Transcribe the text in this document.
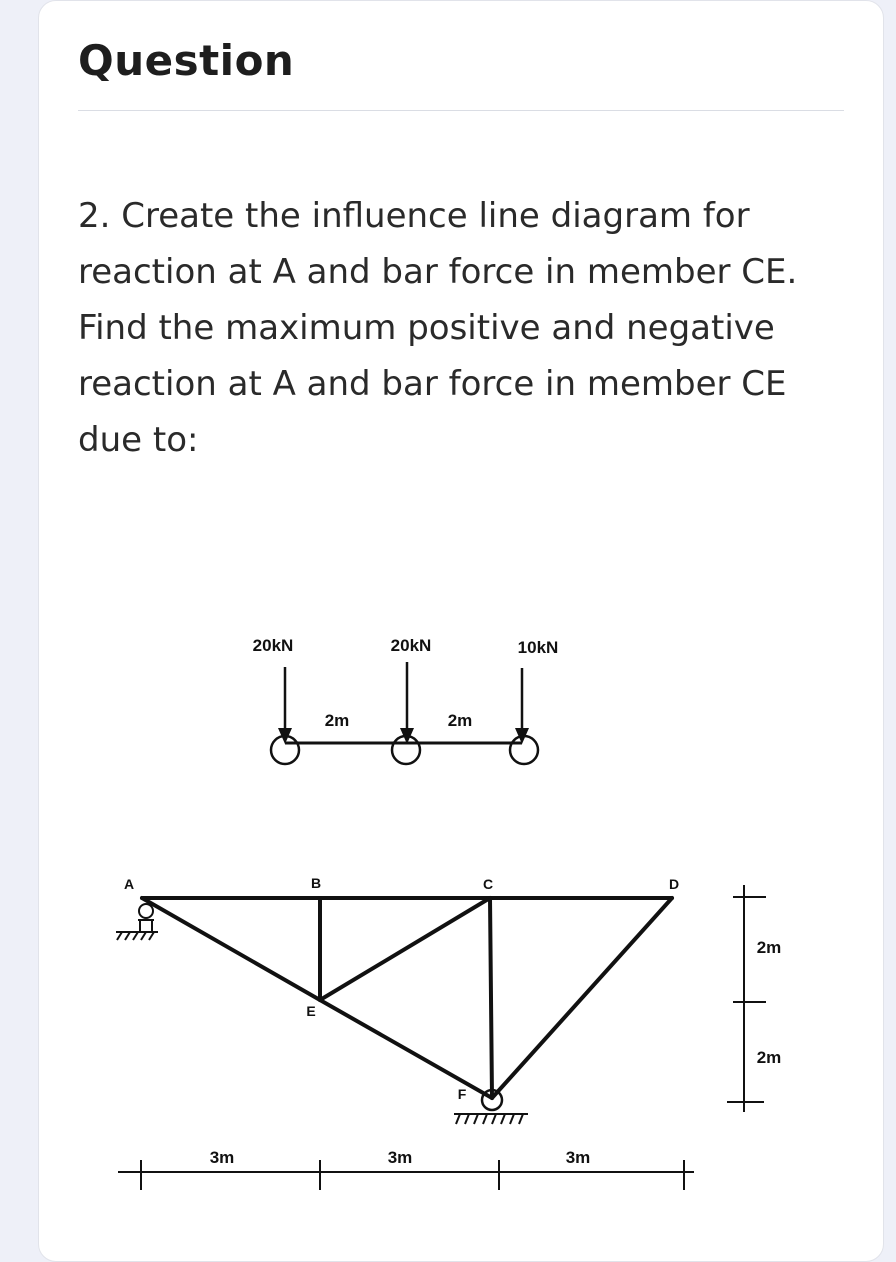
Question

2. Create the influence line diagram for reaction at A and bar force in member CE. Find the maximum positive and negative reaction at A and bar force in member CE due to:

20kN	20kN	10kN
2m	2m
A	B	C	D
E
F
3m	3m	3m
2m
2m
